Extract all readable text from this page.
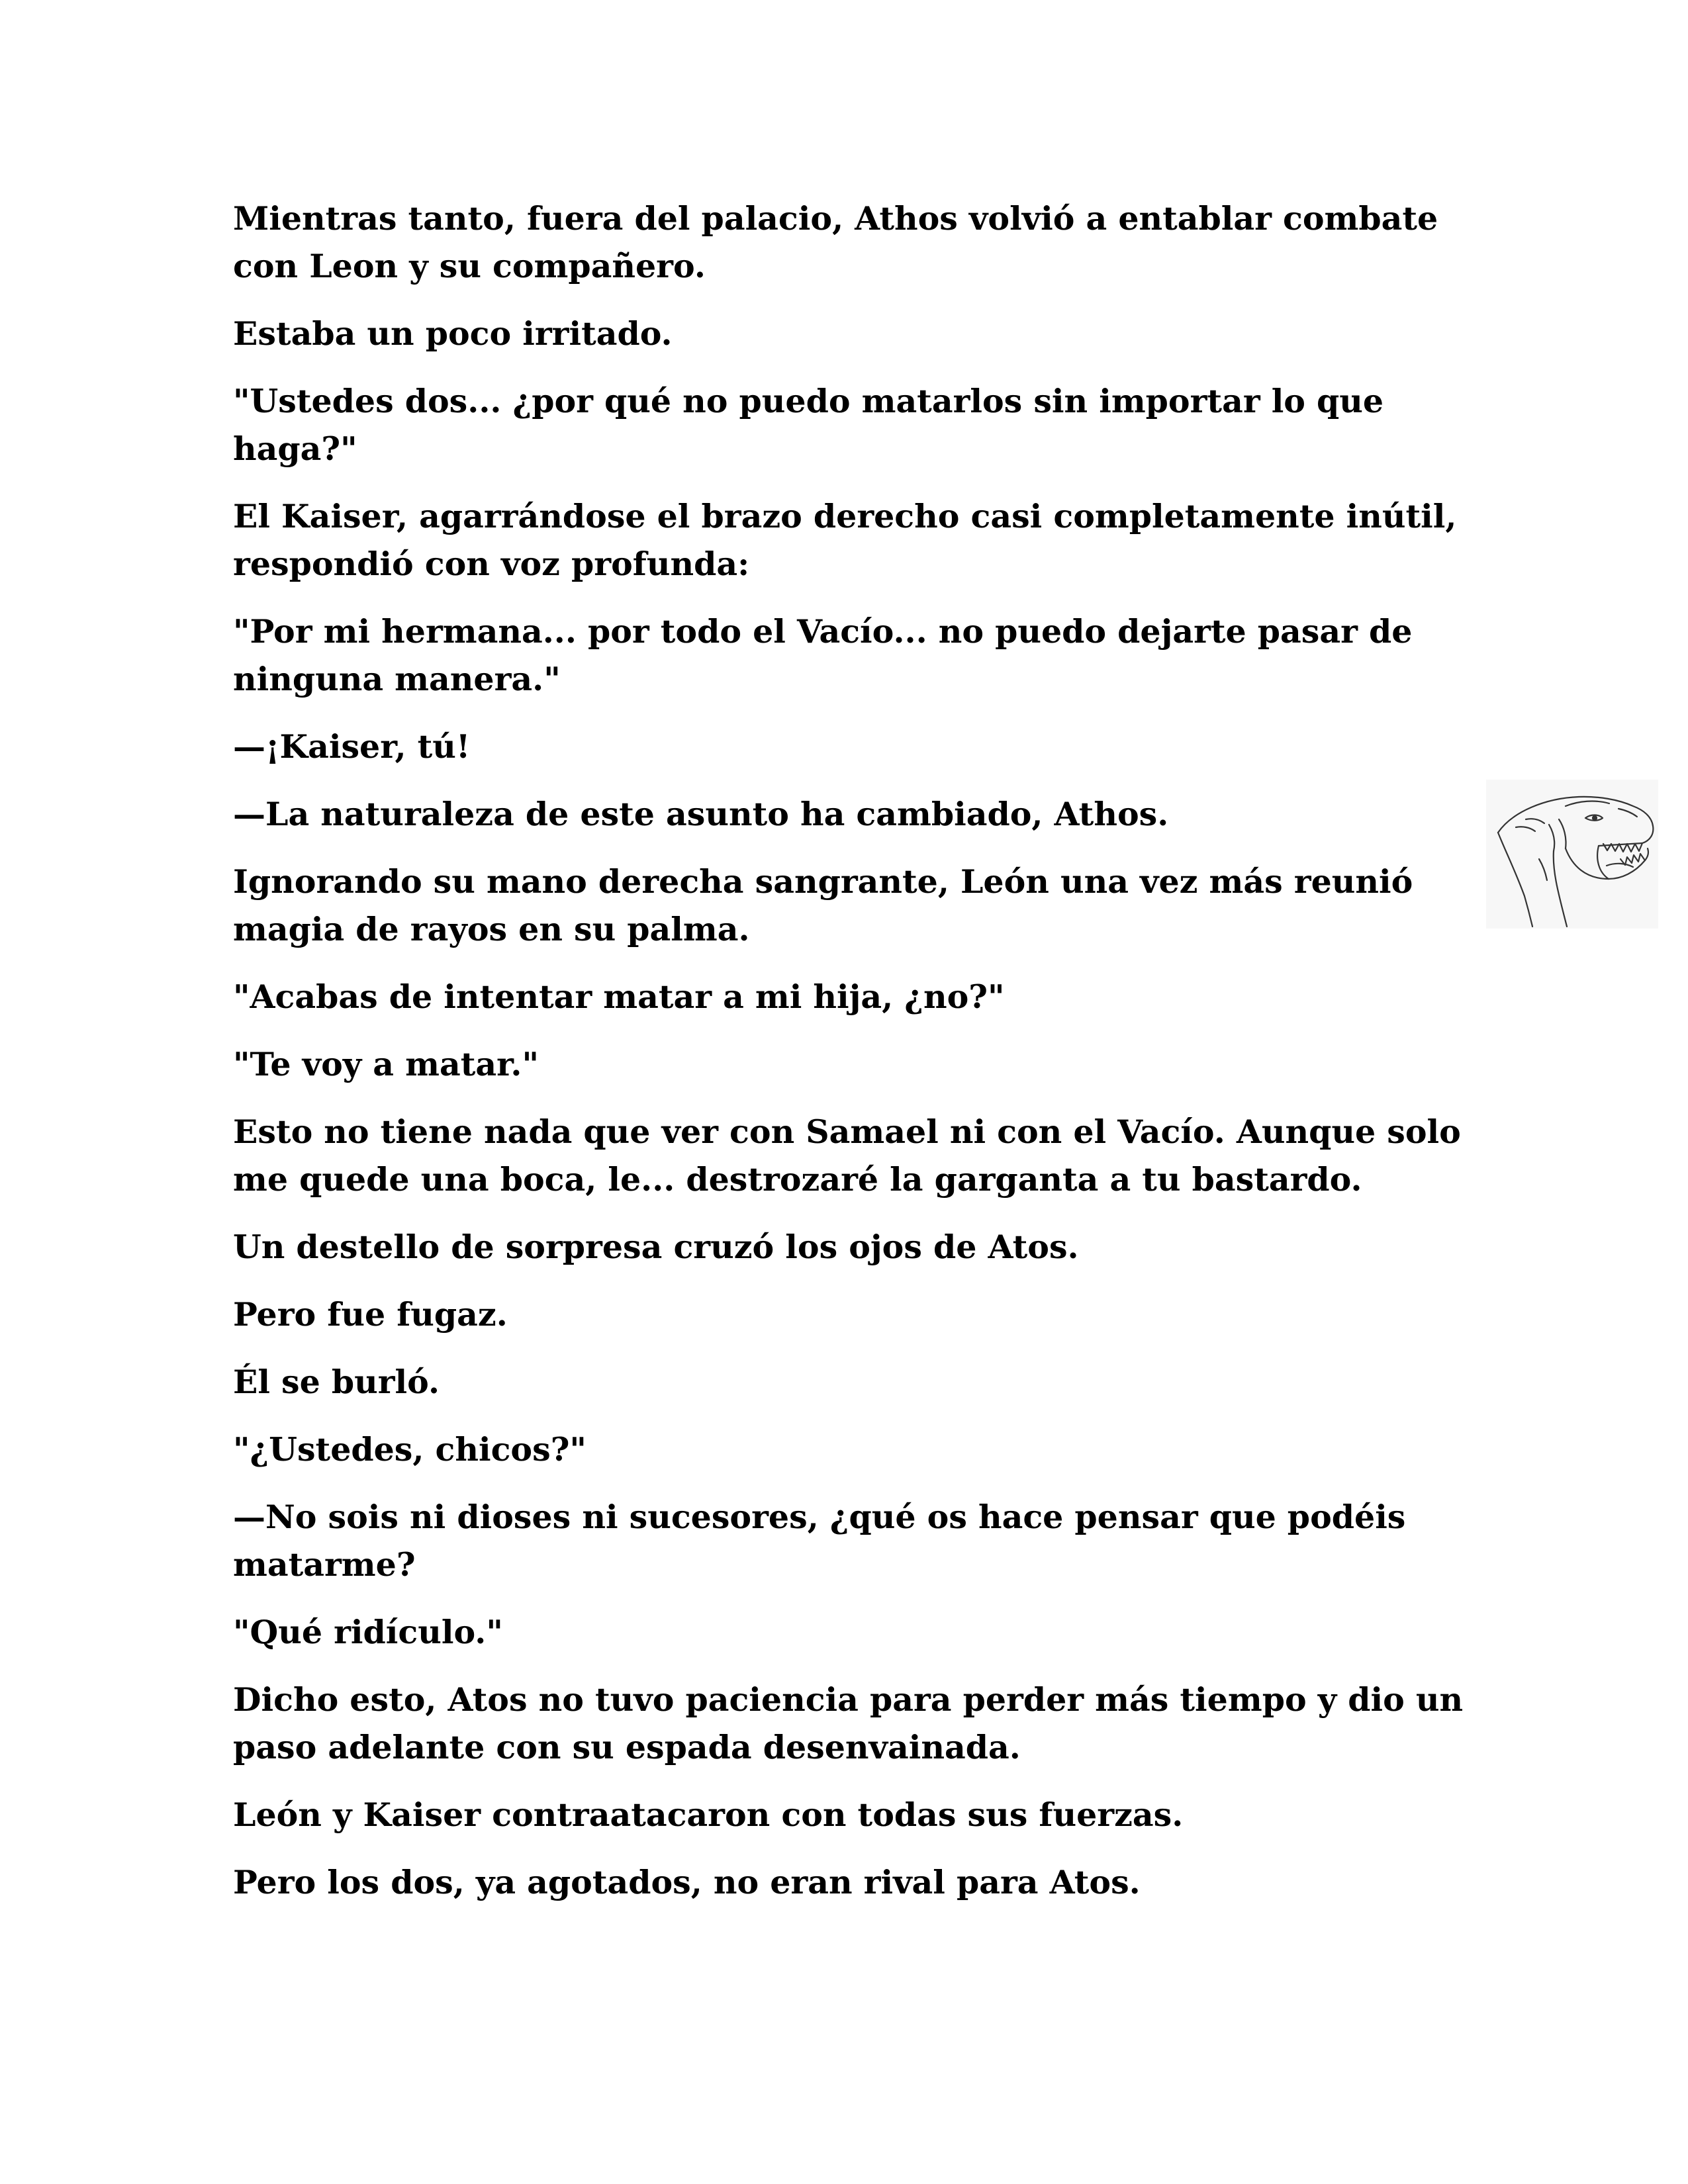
Mientras tanto, fuera del palacio, Athos volvió a entablar combate con Leon y su compañero.

Estaba un poco irritado.

"Ustedes dos... ¿por qué no puedo matarlos sin importar lo que haga?"

El Kaiser, agarrándose el brazo derecho casi completamente inútil, respondió con voz profunda:

"Por mi hermana... por todo el Vacío... no puedo dejarte pasar de ninguna manera."

—¡Kaiser, tú!

—La naturaleza de este asunto ha cambiado, Athos.

Ignorando su mano derecha sangrante, León una vez más reunió magia de rayos en su palma.

"Acabas de intentar matar a mi hija, ¿no?"

"Te voy a matar."

Esto no tiene nada que ver con Samael ni con el Vacío. Aunque solo me quede una boca, le... destrozaré la garganta a tu bastardo.

Un destello de sorpresa cruzó los ojos de Atos.

Pero fue fugaz.

Él se burló.

"¿Ustedes, chicos?"

—No sois ni dioses ni sucesores, ¿qué os hace pensar que podéis matarme?

"Qué ridículo."

Dicho esto, Atos no tuvo paciencia para perder más tiempo y dio un paso adelante con su espada desenvainada.

León y Kaiser contraatacaron con todas sus fuerzas.

Pero los dos, ya agotados, no eran rival para Atos.
